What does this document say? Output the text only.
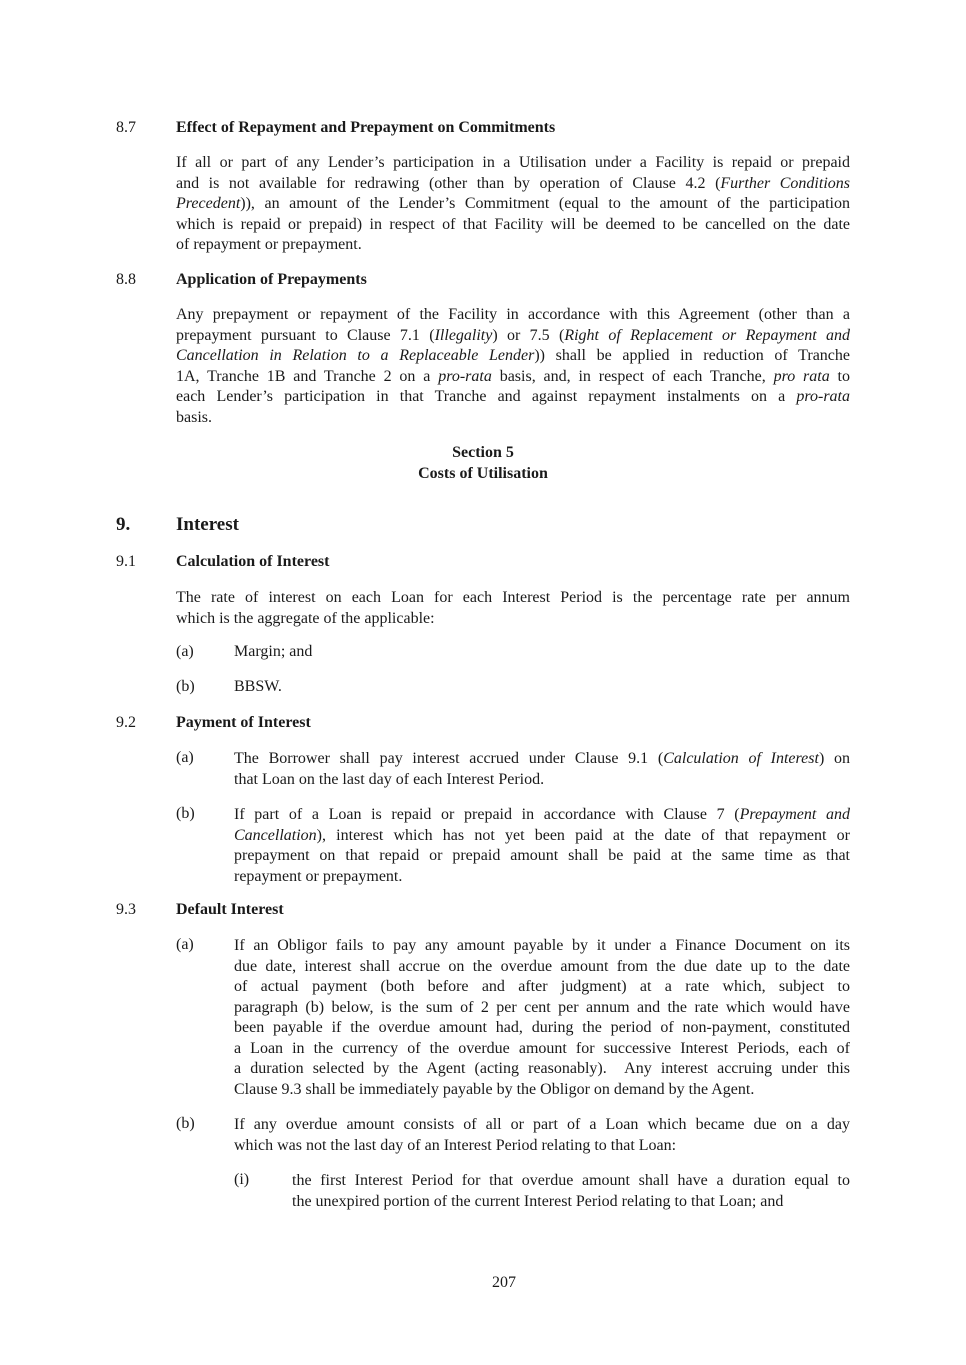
8.7	Effect of Repayment and Prepayment on Commitments
If all or part of any Lender’s participation in a Utilisation under a Facility is repaid or prepaid
and is not available for redrawing (other than by operation of Clause 4.2 (Further Conditions
Precedent)), an amount of the Lender’s Commitment (equal to the amount of the participation
which is repaid or prepaid) in respect of that Facility will be deemed to be cancelled on the date
of repayment or prepayment.
8.8	Application of Prepayments
Any prepayment or repayment of the Facility in accordance with this Agreement (other than a
prepayment pursuant to Clause 7.1 (Illegality) or 7.5 (Right of Replacement or Repayment and
Cancellation in Relation to a Replaceable Lender)) shall be applied in reduction of Tranche
1A, Tranche 1B and Tranche 2 on a pro-rata basis, and, in respect of each Tranche, pro rata to
each Lender’s participation in that Tranche and against repayment instalments on a pro-rata
basis.
Section 5
Costs of Utilisation
9. Interest
9.1	Calculation of Interest
The rate of interest on each Loan for each Interest Period is the percentage rate per annum
which is the aggregate of the applicable:
(a)	Margin; and
(b) BBSW.
9.2	Payment of Interest
(a)	The Borrower shall pay interest accrued under Clause 9.1 (Calculation of Interest) on
that Loan on the last day of each Interest Period.
(b) If part of a Loan is repaid or prepaid in accordance with Clause 7 (Prepayment and
Cancellation), interest which has not yet been paid at the date of that repayment or
prepayment on that repaid or prepaid amount shall be paid at the same time as that
repayment or prepayment.
9.3	Default Interest
(a)	If an Obligor fails to pay any amount payable by it under a Finance Document on its
due date, interest shall accrue on the overdue amount from the due date up to the date
of actual payment (both before and after judgment) at a rate which, subject to
paragraph (b) below, is the sum of 2 per cent per annum and the rate which would have
been payable if the overdue amount had, during the period of non-payment, constituted
a Loan in the currency of the overdue amount for successive Interest Periods, each of
a duration selected by the Agent (acting reasonably).  Any interest accruing under this
Clause 9.3 shall be immediately payable by the Obligor on demand by the Agent.
(b) If any overdue amount consists of all or part of a Loan which became due on a day
which was not the last day of an Interest Period relating to that Loan:
(i)	the first Interest Period for that overdue amount shall have a duration equal to
the unexpired portion of the current Interest Period relating to that Loan; and
207
